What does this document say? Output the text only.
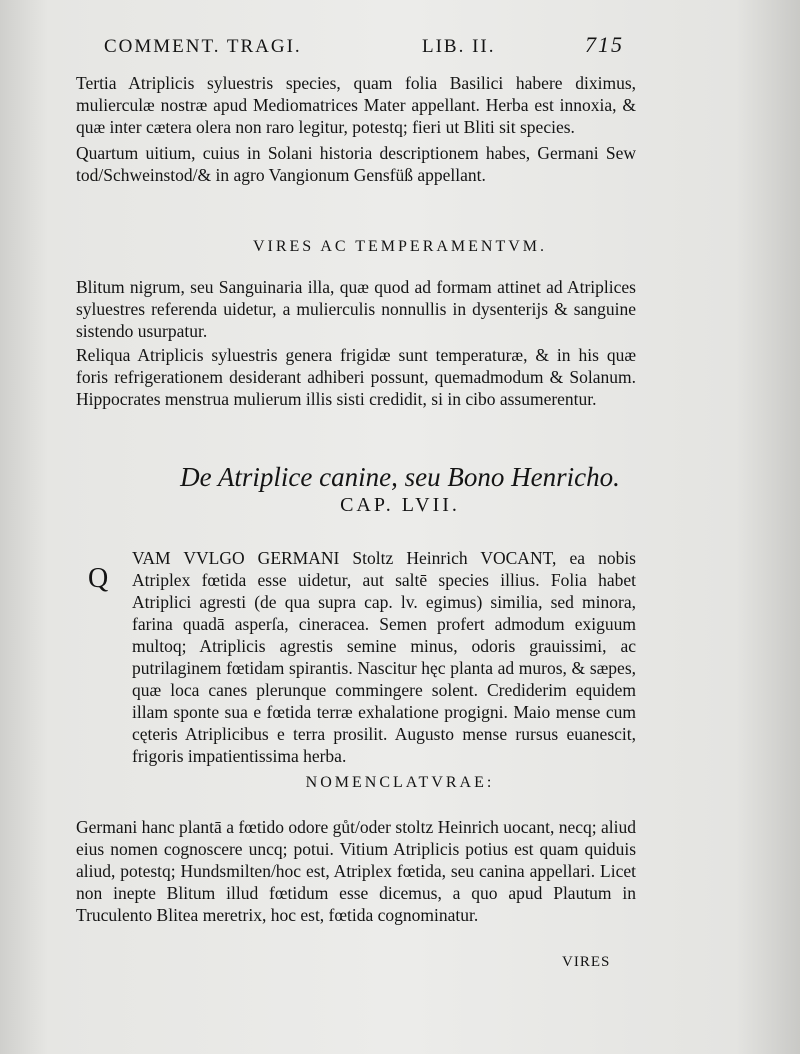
COMMENT. TRAGI.	LIB. II.	715

Tertia Atriplicis syluestris species, quam folia Basilici habere diximus, mulierculæ nostræ apud Mediomatrices Mater appellant. Herba est innoxia, & quæ inter cætera olera non raro legitur, potestq; fieri ut Bliti sit species.

Quartum uitium, cuius in Solani historia descriptionem habes, Germani Sew tod/Schweinstod/& in agro Vangionum Gensfüß appellant.

VIRES AC TEMPERAMENTVM.

Blitum nigrum, seu Sanguinaria illa, quæ quod ad formam attinet ad Atriplices syluestres referenda uidetur, a mulierculis nonnullis in dysenterijs & sanguine sistendo usurpatur.

Reliqua Atriplicis syluestris genera frigidæ sunt temperaturæ, & in his quæ foris refrigerationem desiderant adhiberi possunt, quemadmodum & Solanum. Hippocrates menstrua mulierum illis sisti credidit, si in cibo assumerentur.

De Atriplice canine, seu Bono Henricho.
CAP. LVII.
Q

VAM VVLGO GERMANI Stoltz Heinrich VOCANT, ea nobis Atriplex fœtida esse uidetur, aut saltē species illius. Folia habet Atriplici agresti (de qua supra cap. lv. egimus) similia, sed minora, farina quadā asperſa, cineracea. Semen profert admodum exiguum multoq; Atriplicis agrestis semine minus, odoris grauissimi, ac putrilaginem fœtidam spirantis. Nascitur hęc planta ad muros, & sæpes, quæ loca canes plerunque commingere solent. Crediderim equidem illam sponte sua e fœtida terræ exhalatione progigni. Maio mense cum cęteris Atriplicibus e terra prosilit. Augusto mense rursus euanescit, frigoris impatientissima herba.

NOMENCLATVRAE:

Germani hanc plantā a fœtido odore gůt/oder stoltz Heinrich uocant, necq; aliud eius nomen cognoscere uncq; potui. Vitium Atriplicis potius est quam quiduis aliud, potestq; Hundsmilten/hoc est, Atriplex fœtida, seu canina appellari. Licet non inepte Blitum illud fœtidum esse dicemus, a quo apud Plautum in Truculento Blitea meretrix, hoc est, fœtida cognominatur.

VIRES
